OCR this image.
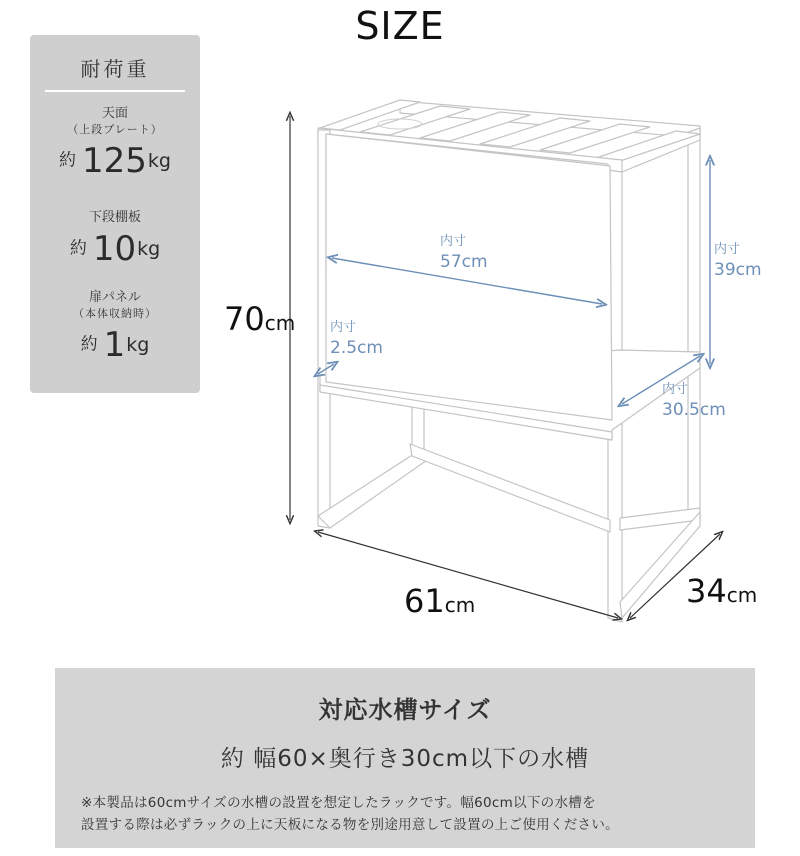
SIZE
耐荷重
天面
（上段プレート）
約 125kg
下段棚板
約 10kg
扉パネル
（本体収納時）
約 1kg
70cm
61cm	34cm
内寸
57cm
内寸
39cm
内寸
2.5cm
内寸
30.5cm
対応水槽サイズ
約 幅60×奥行き30cm以下の水槽
※本製品は60cmサイズの水槽の設置を想定したラックです。幅60cm以下の水槽を
設置する際は必ずラックの上に天板になる物を別途用意して設置の上ご使用ください。
